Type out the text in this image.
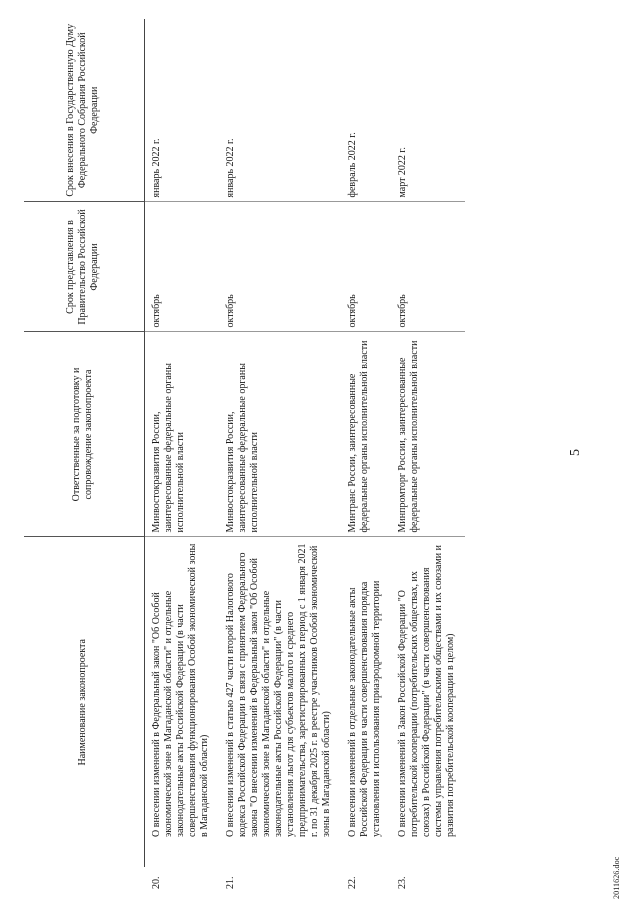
5
Наименование законопроекта	Ответственные за подготовку и сопровождение законопроекта	Срок представления в Правительство Российской Федерации	Срок внесения в Государственную Думу Федерального Собрания Российской Федерации

20.О внесении изменений в Федеральный закон "Об Особой экономической зоне в Магаданской области" и отдельные законодательные акты Российской Федерации (в части совершенствования функционирования Особой экономической зоны в Магаданской области)	Минвостокразвития России, заинтересованные федеральные органы исполнительной власти	октябрь	январь 2022 г.

21.О внесении изменений в статью 427 части второй Налогового кодекса Российской Федерации в связи с принятием Федерального закона "О внесении изменений в Федеральный закон "Об Особой экономической зоне в Магаданской области" и отдельные законодательные акты Российской Федерации" (в части установления льгот для субъектов малого и среднего предпринимательства, зарегистрированных в период с 1 января 2021 г. по 31 декабря 2025 г. в реестре участников Особой экономической зоны в Магаданской области)	Минвостокразвития России, заинтересованные федеральные органы исполнительной власти	октябрь	январь 2022 г.

22.О внесении изменений в отдельные законодательные акты Российской Федерации в части совершенствования порядка установления и использования приаэродромной территории	Минтранс России, заинтересованные федеральные органы исполнительной власти	октябрь	февраль 2022 г.

23.О внесении изменений в Закон Российской Федерации "О потребительской кооперации (потребительских обществах, их союзах) в Российской Федерации" (в части совершенствования системы управления потребительскими обществами и их союзами и развития потребительской кооперации в целом)	Минпромторг России, заинтересованные федеральные органы исполнительной власти	октябрь	март 2022 г.
2011626.doc
